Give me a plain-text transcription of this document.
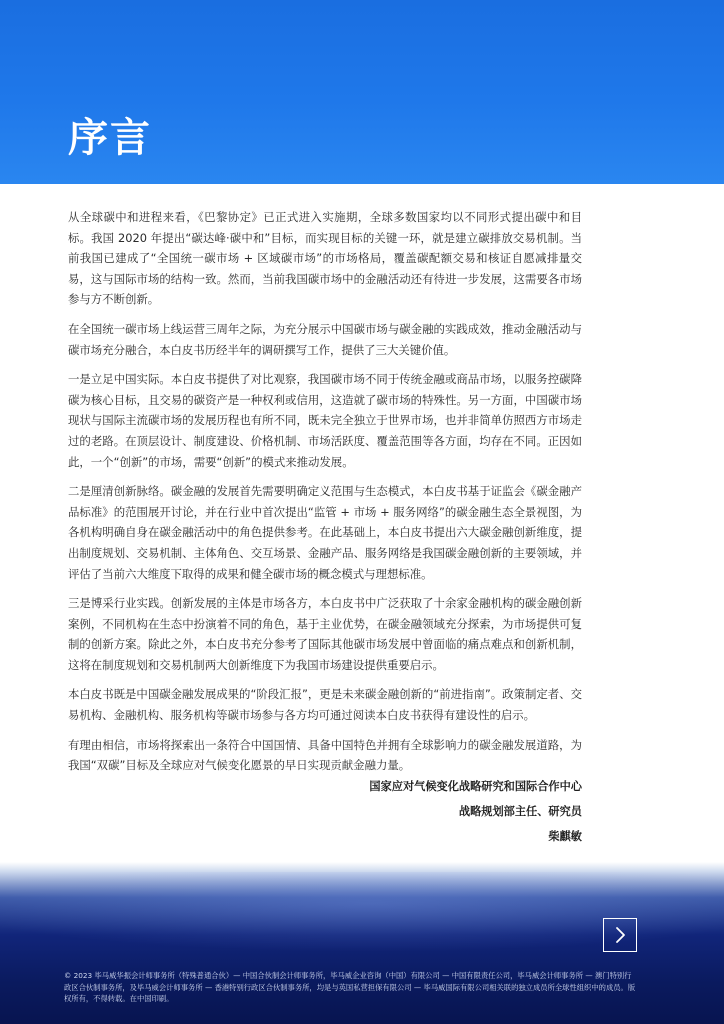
序言

从全球碳中和进程来看，《巴黎协定》已正式进入实施期，全球多数国家均以不同形式提出碳中和目标。我国 2020 年提出“碳达峰·碳中和”目标，而实现目标的关键一环，就是建立碳排放交易机制。当前我国已建成了“全国统一碳市场 + 区域碳市场”的市场格局，覆盖碳配额交易和核证自愿减排量交易，这与国际市场的结构一致。然而，当前我国碳市场中的金融活动还有待进一步发展，这需要各市场参与方不断创新。

在全国统一碳市场上线运营三周年之际，为充分展示中国碳市场与碳金融的实践成效，推动金融活动与碳市场充分融合，本白皮书历经半年的调研撰写工作，提供了三大关键价值。

一是立足中国实际。本白皮书提供了对比观察，我国碳市场不同于传统金融或商品市场，以服务控碳降碳为核心目标，且交易的碳资产是一种权利或信用，这造就了碳市场的特殊性。另一方面，中国碳市场现状与国际主流碳市场的发展历程也有所不同，既未完全独立于世界市场，也并非简单仿照西方市场走过的老路。在顶层设计、制度建设、价格机制、市场活跃度、覆盖范围等各方面，均存在不同。正因如此，一个“创新”的市场，需要“创新”的模式来推动发展。

二是厘清创新脉络。碳金融的发展首先需要明确定义范围与生态模式，本白皮书基于证监会《碳金融产品标准》的范围展开讨论，并在行业中首次提出“监管 + 市场 + 服务网络”的碳金融生态全景视图，为各机构明确自身在碳金融活动中的角色提供参考。在此基础上，本白皮书提出六大碳金融创新维度，提出制度规划、交易机制、主体角色、交互场景、金融产品、服务网络是我国碳金融创新的主要领域，并评估了当前六大维度下取得的成果和健全碳市场的概念模式与理想标准。

三是博采行业实践。创新发展的主体是市场各方，本白皮书中广泛获取了十余家金融机构的碳金融创新案例，不同机构在生态中扮演着不同的角色，基于主业优势，在碳金融领域充分探索，为市场提供可复制的创新方案。除此之外，本白皮书充分参考了国际其他碳市场发展中曾面临的痛点难点和创新机制，这将在制度规划和交易机制两大创新维度下为我国市场建设提供重要启示。

本白皮书既是中国碳金融发展成果的“阶段汇报”，更是未来碳金融创新的“前进指南”。政策制定者、交易机构、金融机构、服务机构等碳市场参与各方均可通过阅读本白皮书获得有建设性的启示。

有理由相信，市场将探索出一条符合中国国情、具备中国特色并拥有全球影响力的碳金融发展道路，为我国“双碳”目标及全球应对气候变化愿景的早日实现贡献金融力量。

国家应对气候变化战略研究和国际合作中心
战略规划部主任、研究员
柴麒敏
© 2023 毕马威华振会计师事务所（特殊普通合伙）— 中国合伙制会计师事务所，毕马威企业咨询（中国）有限公司 — 中国有限责任公司，毕马威会计师事务所 — 澳门特别行政区合伙制事务所，及毕马威会计师事务所 — 香港特别行政区合伙制事务所，均是与英国私营担保有限公司 — 毕马威国际有限公司相关联的独立成员所全球性组织中的成员。版权所有，不得转载。在中国印刷。
